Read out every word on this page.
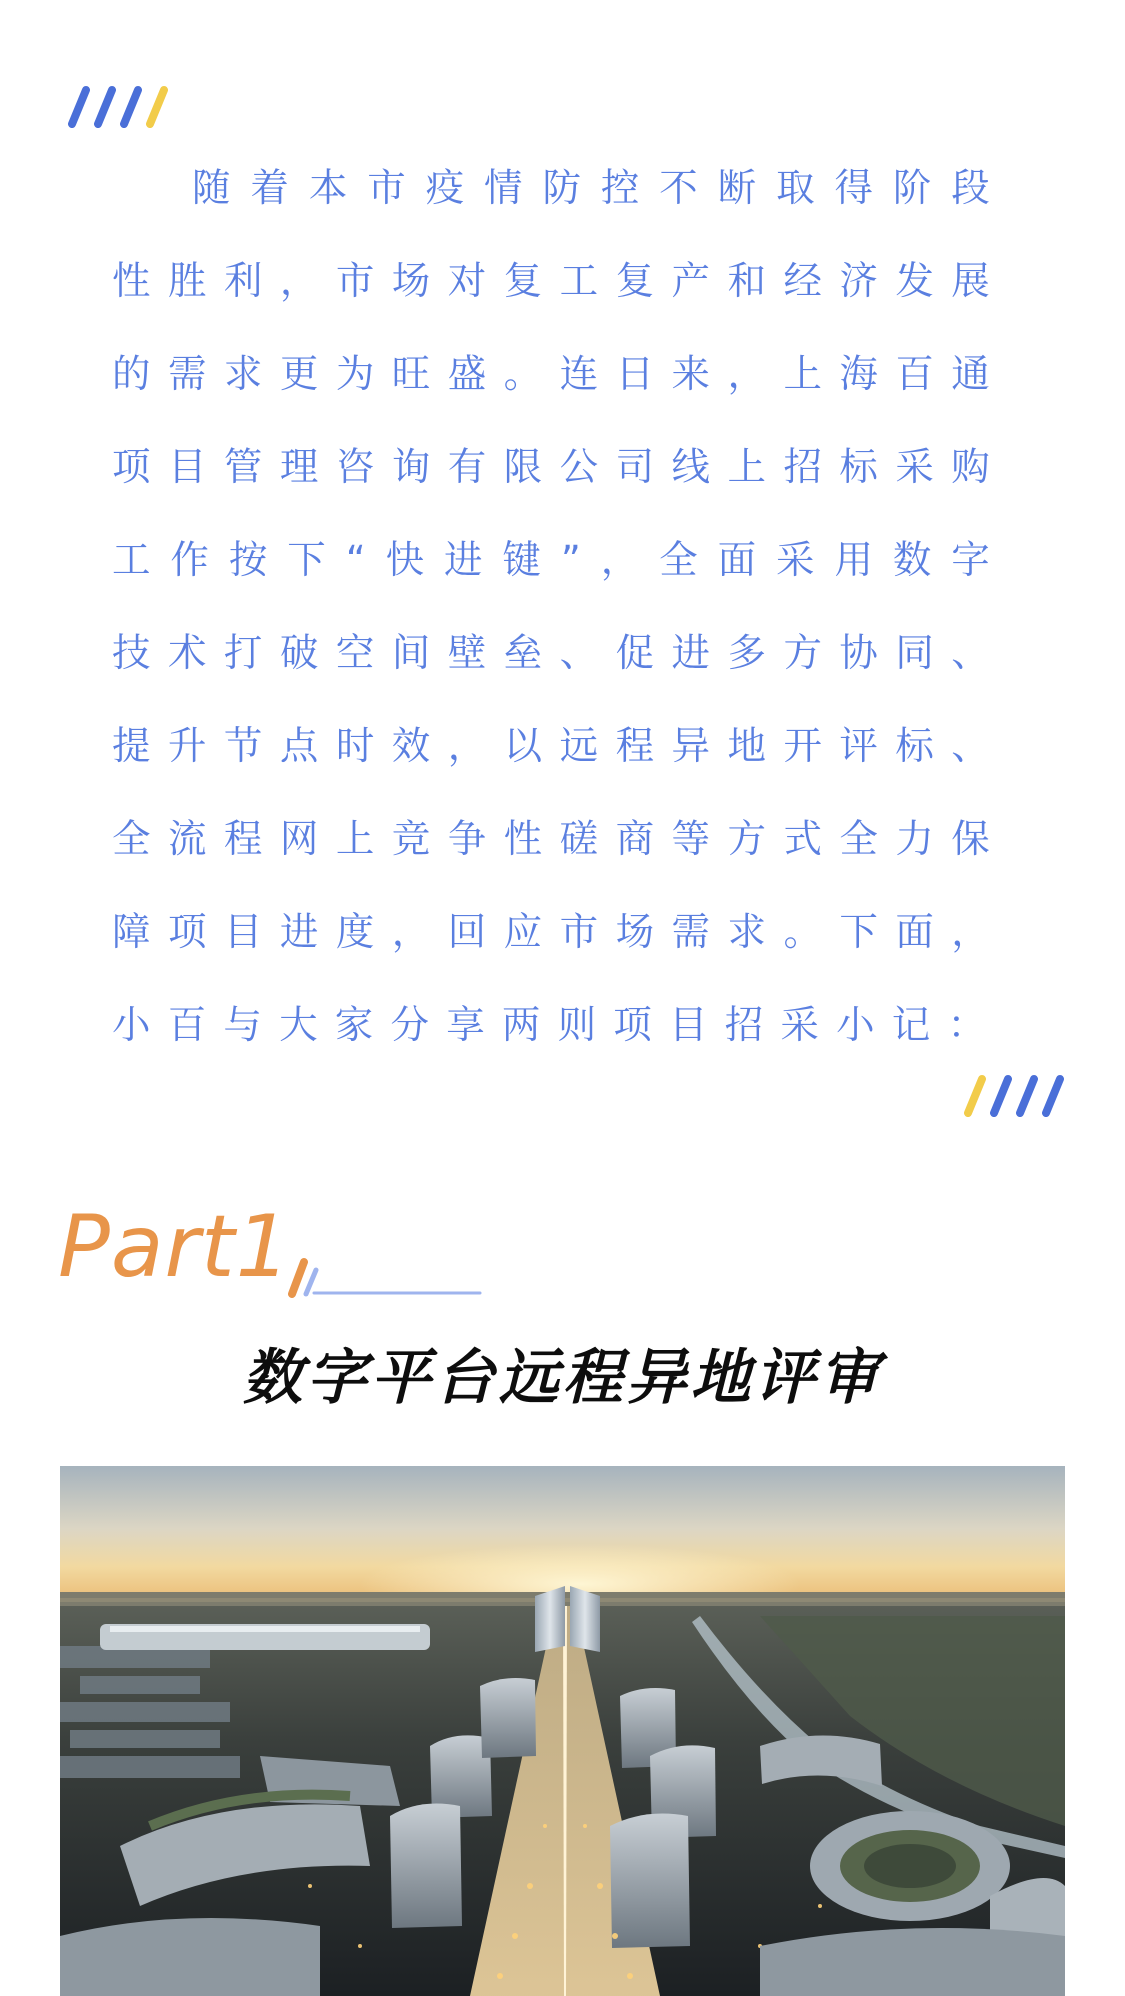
随着本市疫情防控不断取得阶段性胜利，市场对复工复产和经济发展的需求更为旺盛。连日来，上海百通项目管理咨询有限公司线上招标采购工作按下“快进键”，全面采用数字技术打破空间壁垒、促进多方协同、提升节点时效，以远程异地开评标、全流程网上竞争性磋商等方式全力保障项目进度，回应市场需求。下面，小百与大家分享两则项目招采小记：

Part1
数字平台远程异地评审
